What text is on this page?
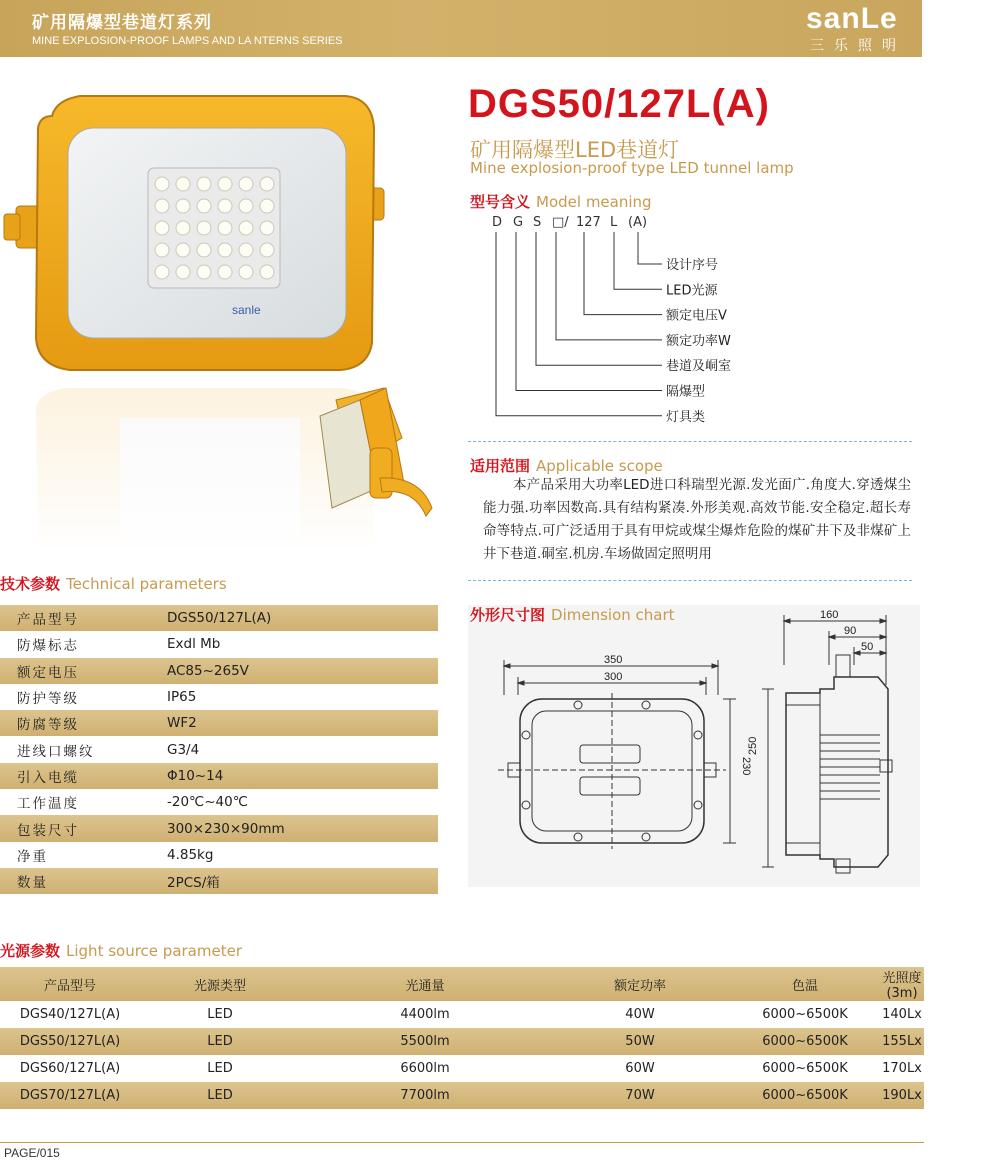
矿用隔爆型巷道灯系列
MINE EXPLOSION-PROOF LAMPS AND LA NTERNS SERIES
sanLe
三乐照明
sanle
DGS50/127L(A)
矿用隔爆型LED巷道灯
Mine explosion-proof type LED tunnel lamp
型号含义 Model meaning
D G S □/ 127 L (A)
设计序号
LED光源
额定电压V
额定功率W
巷道及峒室
隔爆型
灯具类
适用范围 Applicable scope
本产品采用大功率LED进口科瑞型光源.发光面广.角度大.穿透煤尘能力强.功率因数高.具有结构紧凑.外形美观.高效节能.安全稳定.超长寿命等特点.可广泛适用于具有甲烷或煤尘爆炸危险的煤矿井下及非煤矿上井下巷道.硐室.机房.车场做固定照明用
350
300
230
250
160
90
50
外形尺寸图 Dimension chart
技术参数 Technical parameters
产品型号	DGS50/127L(A)
防爆标志	Exdl Mb
额定电压	AC85~265V
防护等级	IP65
防腐等级	WF2
进线口螺纹	G3/4
引入电缆	Φ10~14
工作温度	-20℃~40℃
包装尺寸	300×230×90mm
净重	4.85kg
数量	2PCS/箱
光源参数 Light source parameter
产品型号	光源类型	光通量	额定功率	色温	光照度(3m)
DGS40/127L(A)	LED	4400lm	40W	6000~6500K	140Lx
DGS50/127L(A)	LED	5500lm	50W	6000~6500K	155Lx
DGS60/127L(A)	LED	6600lm	60W	6000~6500K	170Lx
DGS70/127L(A)	LED	7700lm	70W	6000~6500K	190Lx
PAGE/015
